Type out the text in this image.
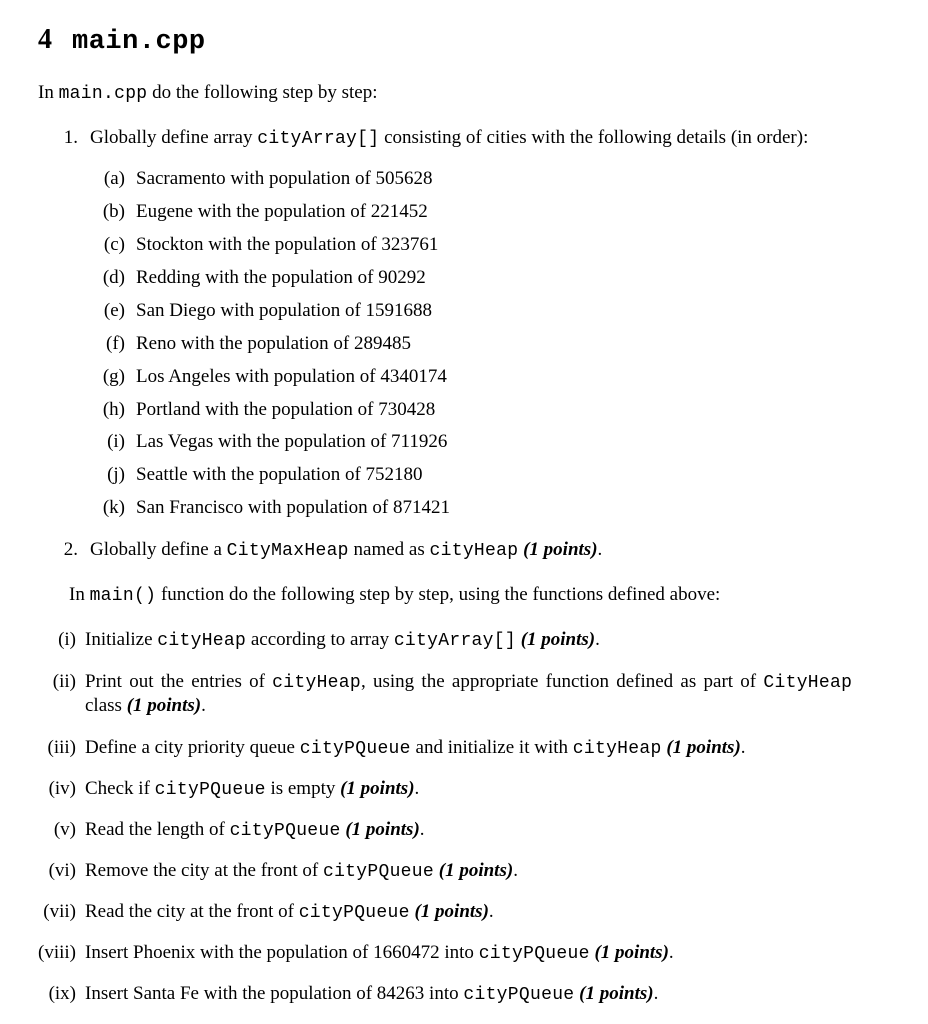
4 main.cpp
In main.cpp do the following step by step:
1. Globally define array cityArray[] consisting of cities with the following details (in order):
(a) Sacramento with population of 505628
(b) Eugene with the population of 221452
(c) Stockton with the population of 323761
(d) Redding with the population of 90292
(e) San Diego with population of 1591688
(f) Reno with the population of 289485
(g) Los Angeles with population of 4340174
(h) Portland with the population of 730428
(i) Las Vegas with the population of 711926
(j) Seattle with the population of 752180
(k) San Francisco with population of 871421
2. Globally define a CityMaxHeap named as cityHeap (1 points).
In main() function do the following step by step, using the functions defined above:
(i) Initialize cityHeap according to array cityArray[] (1 points).
(ii) Print out the entries of cityHeap, using the appropriate function defined as part of CityHeap
class (1 points).
(iii) Define a city priority queue cityPQueue and initialize it with cityHeap (1 points).
(iv) Check if cityPQueue is empty (1 points).
(v) Read the length of cityPQueue (1 points).
(vi) Remove the city at the front of cityPQueue (1 points).
(vii) Read the city at the front of cityPQueue (1 points).
(viii) Insert Phoenix with the population of 1660472 into cityPQueue (1 points).
(ix) Insert Santa Fe with the population of 84263 into cityPQueue (1 points).
